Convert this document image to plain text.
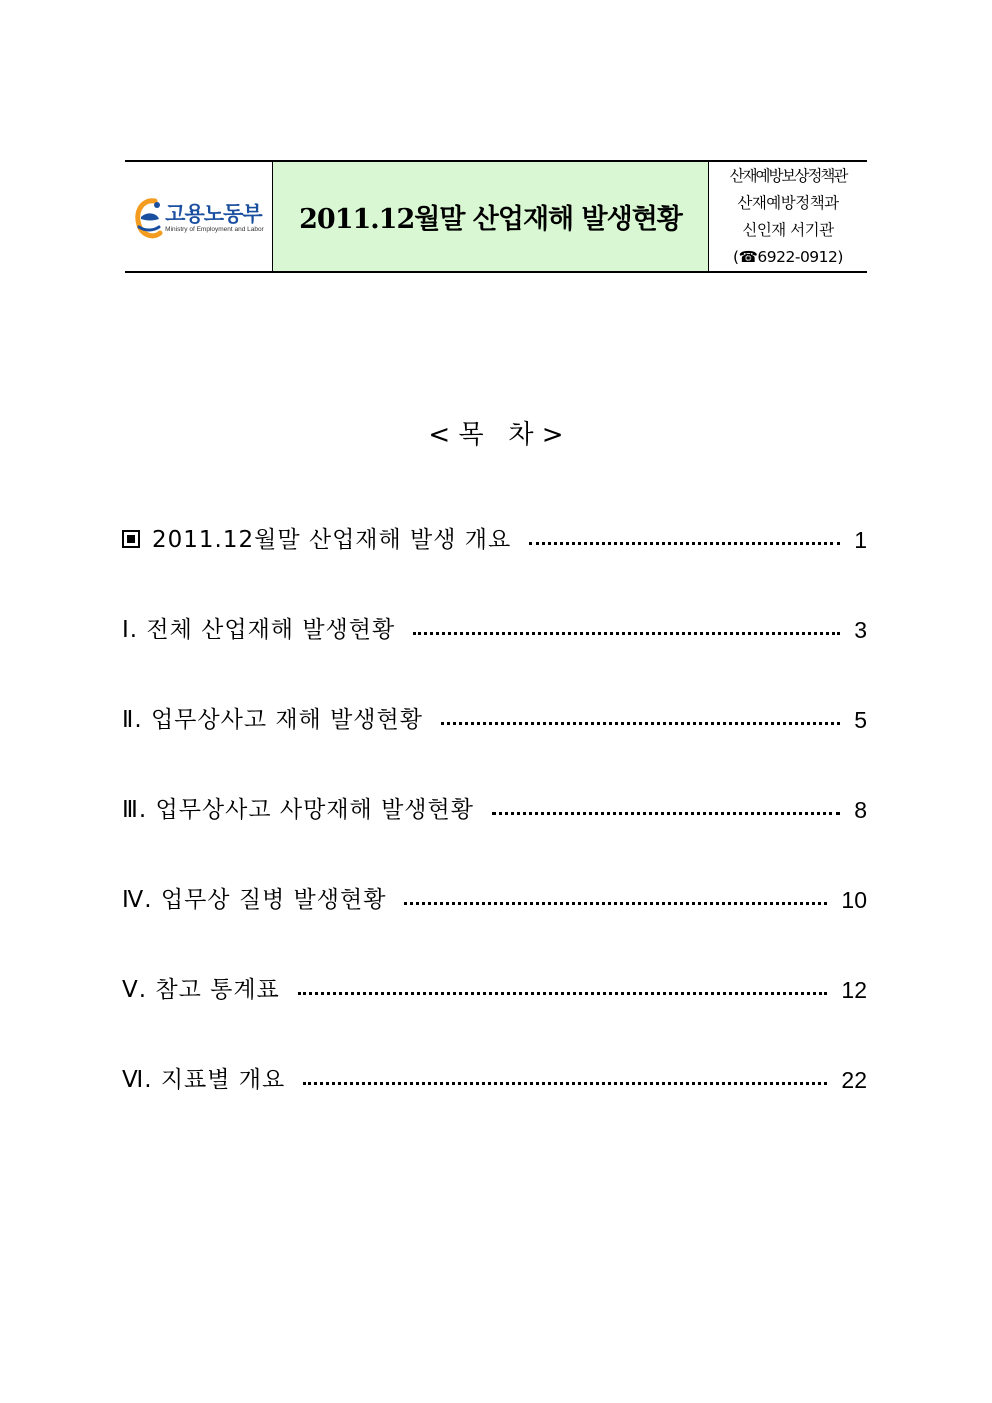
고용노동부
Ministry of Employment and Labor 2011.12월말 산업재해 발생현황
산재예방보상정책관
산재예방정책과
신인재 서기관
(☎6922-0912)
< 목   차 >
2011.12월말 산업재해 발생 개요	1
Ⅰ. 전체 산업재해 발생현황	3
Ⅱ. 업무상사고 재해 발생현황	5
Ⅲ. 업무상사고 사망재해 발생현황	8
Ⅳ. 업무상 질병 발생현황	10
Ⅴ. 참고 통계표	12
Ⅵ. 지표별 개요	22
